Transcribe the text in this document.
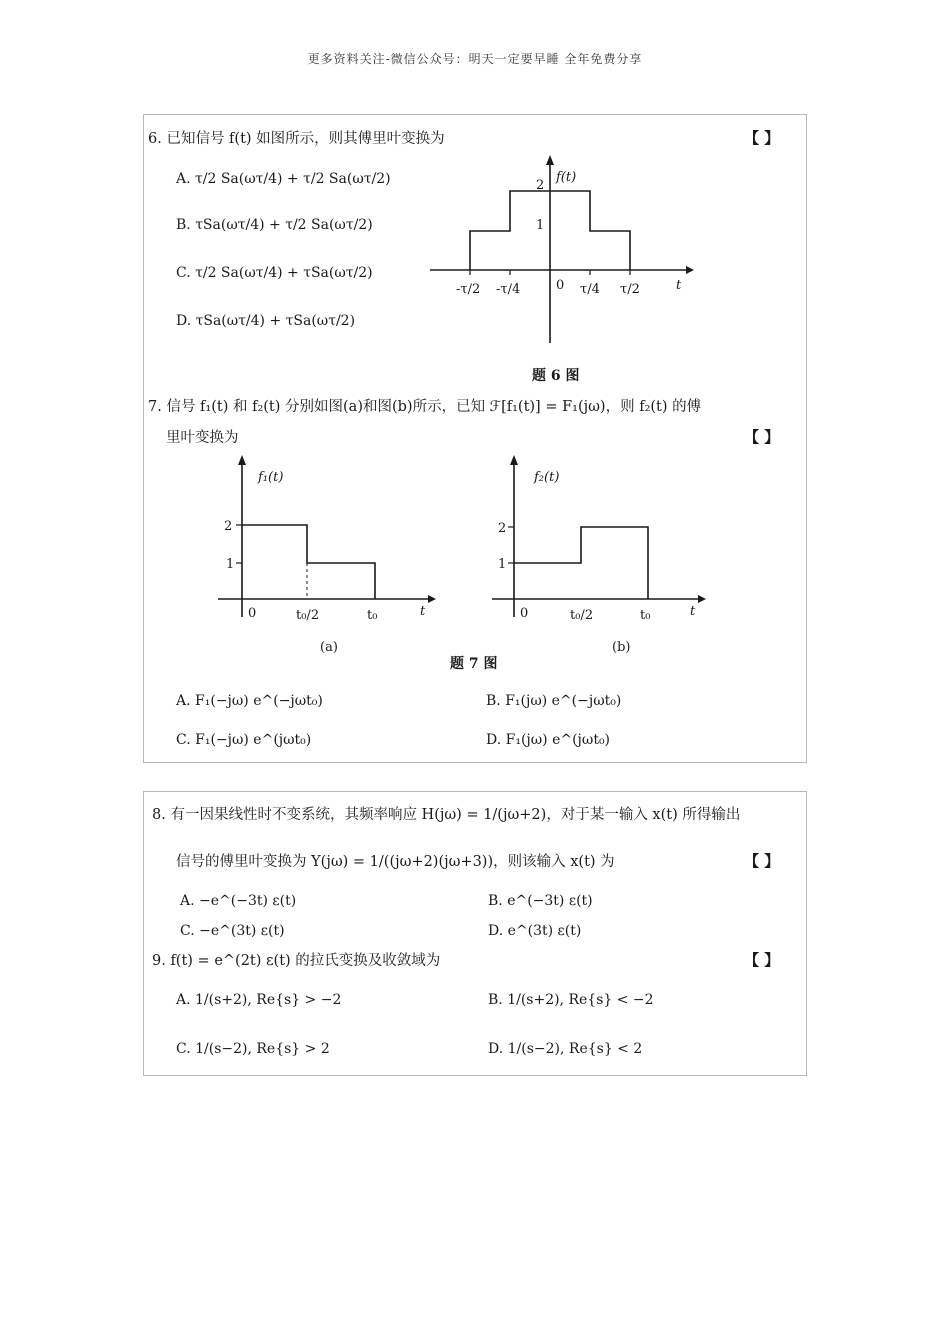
更多资料关注-微信公众号：明天一定要早睡 全年免费分享
6. 已知信号 f(t) 如图所示，则其傅里叶变换为	【 】
A. τ/2 Sa(ωτ/4) + τ/2 Sa(ωτ/2)
B. τSa(ωτ/4) + τ/2 Sa(ωτ/2)
C. τ/2 Sa(ωτ/4) + τSa(ωτ/2)
D. τSa(ωτ/4) + τSa(ωτ/2)
f(t)
2
1
-τ/2 -τ/4	0 τ/4 τ/2	t
题 6 图
7. 信号 f₁(t) 和 f₂(t) 分别如图(a)和图(b)所示，已知 ℱ[f₁(t)] = F₁(jω)，则 f₂(t) 的傅
里叶变换为	【 】
f₁(t)
2
1
0	t₀/2	t₀	t
(a)
f₂(t)
2
1
0	t₀/2	t₀	t
(b)
题 7 图
A. F₁(−jω) e^(−jωt₀)	B. F₁(jω) e^(−jωt₀)
C. F₁(−jω) e^(jωt₀)	D. F₁(jω) e^(jωt₀)
8. 有一因果线性时不变系统，其频率响应 H(jω) = 1/(jω+2)，对于某一输入 x(t) 所得输出
信号的傅里叶变换为 Y(jω) = 1/((jω+2)(jω+3))，则该输入 x(t) 为	【 】
A. −e^(−3t) ε(t)	B. e^(−3t) ε(t)
C. −e^(3t) ε(t)	D. e^(3t) ε(t)
9. f(t) = e^(2t) ε(t) 的拉氏变换及收敛域为	【 】
A. 1/(s+2), Re{s} > −2	B. 1/(s+2), Re{s} < −2
C. 1/(s−2), Re{s} > 2	D. 1/(s−2), Re{s} < 2
